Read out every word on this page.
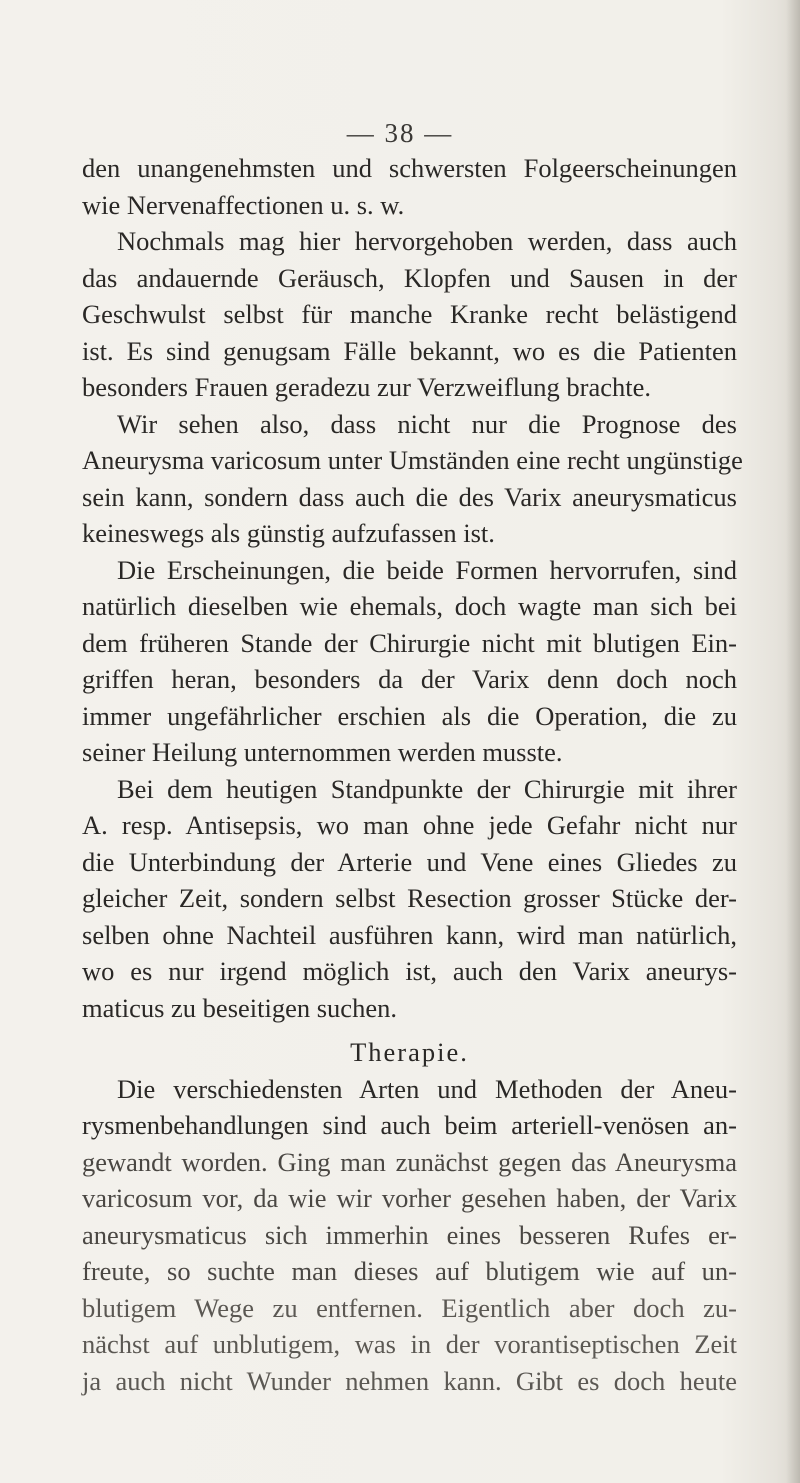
— 38 —
den unangenehmsten und schwersten Folgeerscheinungen
wie Nervenaffectionen u. s. w.
Nochmals mag hier hervorgehoben werden, dass auch
das andauernde Geräusch, Klopfen und Sausen in der
Geschwulst selbst für manche Kranke recht belästigend
ist. Es sind genugsam Fälle bekannt, wo es die Patienten
besonders Frauen geradezu zur Verzweiflung brachte.
Wir sehen also, dass nicht nur die Prognose des
Aneurysma varicosum unter Umständen eine recht ungünstige
sein kann, sondern dass auch die des Varix aneurysmaticus
keineswegs als günstig aufzufassen ist.
Die Erscheinungen, die beide Formen hervorrufen, sind
natürlich dieselben wie ehemals, doch wagte man sich bei
dem früheren Stande der Chirurgie nicht mit blutigen Ein-
griffen heran, besonders da der Varix denn doch noch
immer ungefährlicher erschien als die Operation, die zu
seiner Heilung unternommen werden musste.
Bei dem heutigen Standpunkte der Chirurgie mit ihrer
A. resp. Antisepsis, wo man ohne jede Gefahr nicht nur
die Unterbindung der Arterie und Vene eines Gliedes zu
gleicher Zeit, sondern selbst Resection grosser Stücke der-
selben ohne Nachteil ausführen kann, wird man natürlich,
wo es nur irgend möglich ist, auch den Varix aneurys-
maticus zu beseitigen suchen.
Therapie.
Die verschiedensten Arten und Methoden der Aneu-
rysmenbehandlungen sind auch beim arteriell-venösen an-
gewandt worden. Ging man zunächst gegen das Aneurysma
varicosum vor, da wie wir vorher gesehen haben, der Varix
aneurysmaticus sich immerhin eines besseren Rufes er-
freute, so suchte man dieses auf blutigem wie auf un-
blutigem Wege zu entfernen. Eigentlich aber doch zu-
nächst auf unblutigem, was in der vorantiseptischen Zeit
ja auch nicht Wunder nehmen kann. Gibt es doch heute
